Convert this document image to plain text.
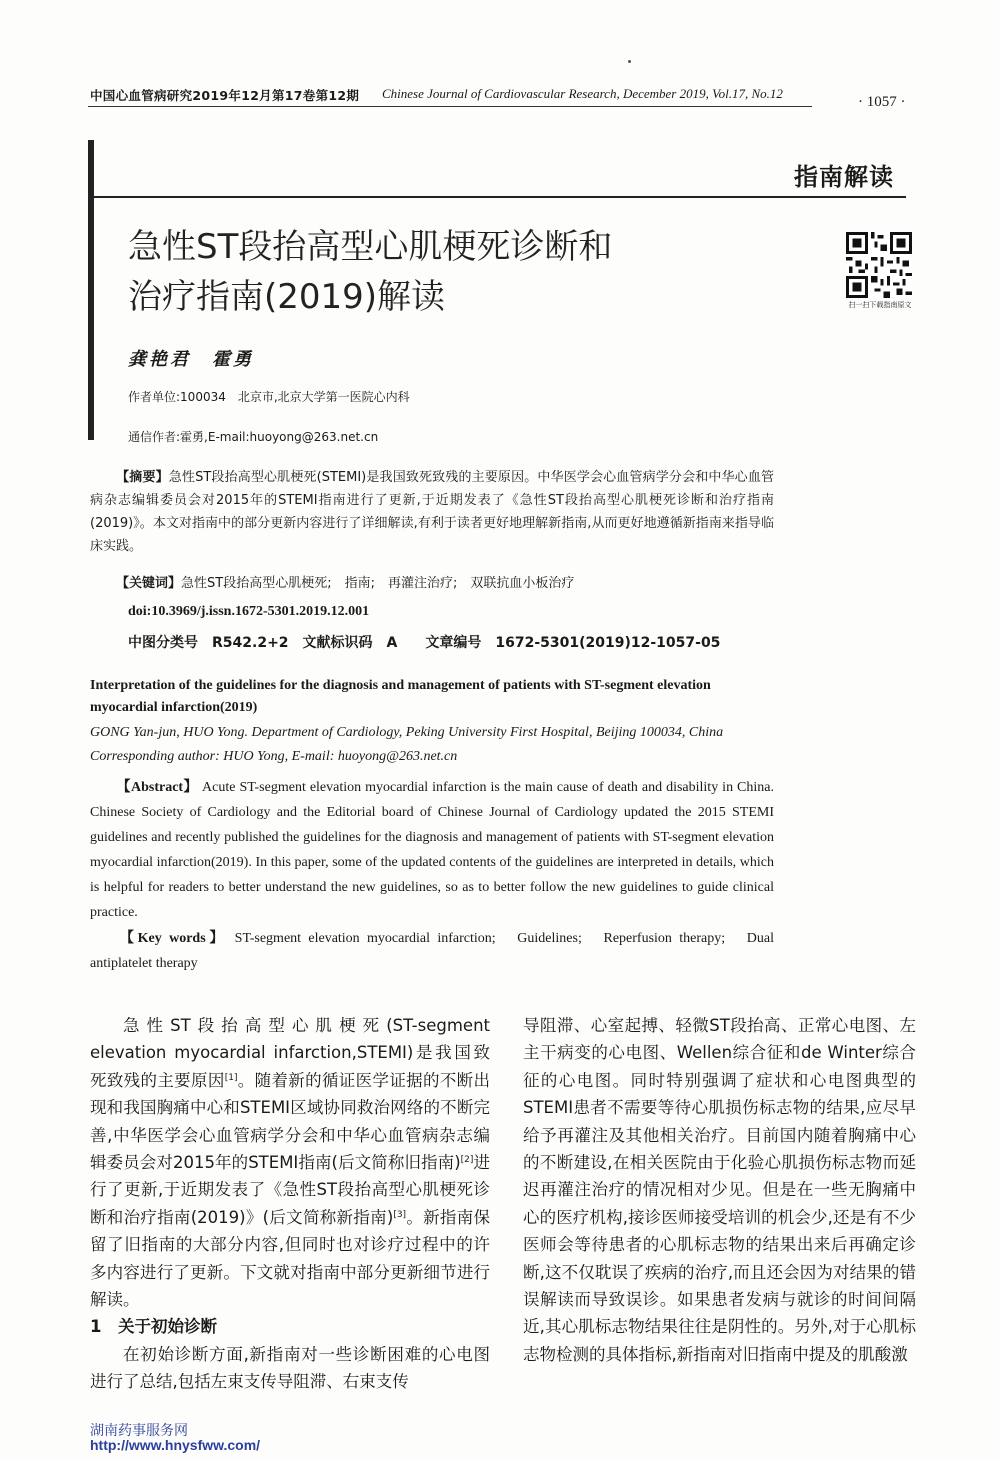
中国心血管病研究2019年12月第17卷第12期 Chinese Journal of Cardiovascular Research, December 2019, Vol.17, No.12
· 1057 ·
指南解读
急性ST段抬高型心肌梗死诊断和
治疗指南(2019)解读	扫一扫下载指南原文
龚艳君　霍勇
作者单位:100034　北京市,北京大学第一医院心内科
通信作者:霍勇,E-mail:huoyong@263.net.cn
【摘要】急性ST段抬高型心肌梗死(STEMI)是我国致死致残的主要原因。中华医学会心血管病学分会和中华心血管病杂志编辑委员会对2015年的STEMI指南进行了更新,于近期发表了《急性ST段抬高型心肌梗死诊断和治疗指南(2019)》。本文对指南中的部分更新内容进行了详细解读,有利于读者更好地理解新指南,从而更好地遵循新指南来指导临床实践。
【关键词】急性ST段抬高型心肌梗死;　指南;　再灌注治疗;　双联抗血小板治疗
doi:10.3969/j.issn.1672-5301.2019.12.001
中图分类号　R542.2+2　文献标识码　A　　文章编号　1672-5301(2019)12-1057-05
Interpretation of the guidelines for the diagnosis and management of patients with ST-segment elevation myocardial infarction(2019)
GONG Yan-jun, HUO Yong. Department of Cardiology, Peking University First Hospital, Beijing 100034, China
Corresponding author: HUO Yong, E-mail: huoyong@263.net.cn
【Abstract】 Acute ST-segment elevation myocardial infarction is the main cause of death and disability in China. Chinese Society of Cardiology and the Editorial board of Chinese Journal of Cardiology updated the 2015 STEMI guidelines and recently published the guidelines for the diagnosis and management of patients with ST-segment elevation myocardial infarction(2019). In this paper, some of the updated contents of the guidelines are interpreted in details, which is helpful for readers to better understand the new guidelines, so as to better follow the new guidelines to guide clinical practice.
【Key words】 ST-segment elevation myocardial infarction;　Guidelines;　Reperfusion therapy;　Dual antiplatelet therapy

急性ST段抬高型心肌梗死(ST-segment elevation myocardial infarction,STEMI)是我国致死致残的主要原因[1]。随着新的循证医学证据的不断出现和我国胸痛中心和STEMI区域协同救治网络的不断完善,中华医学会心血管病学分会和中华心血管病杂志编辑委员会对2015年的STEMI指南(后文简称旧指南)[2]进行了更新,于近期发表了《急性ST段抬高型心肌梗死诊断和治疗指南(2019)》(后文简称新指南)[3]。新指南保留了旧指南的大部分内容,但同时也对诊疗过程中的许多内容进行了更新。下文就对指南中部分更新细节进行解读。

1　关于初始诊断

在初始诊断方面,新指南对一些诊断困难的心电图进行了总结,包括左束支传导阻滞、右束支传

导阻滞、心室起搏、轻微ST段抬高、正常心电图、左主干病变的心电图、Wellen综合征和de Winter综合征的心电图。同时特别强调了症状和心电图典型的STEMI患者不需要等待心肌损伤标志物的结果,应尽早给予再灌注及其他相关治疗。目前国内随着胸痛中心的不断建设,在相关医院由于化验心肌损伤标志物而延迟再灌注治疗的情况相对少见。但是在一些无胸痛中心的医疗机构,接诊医师接受培训的机会少,还是有不少医师会等待患者的心肌标志物的结果出来后再确定诊断,这不仅耽误了疾病的治疗,而且还会因为对结果的错误解读而导致误诊。如果患者发病与就诊的时间间隔近,其心肌标志物结果往往是阴性的。另外,对于心肌标志物检测的具体指标,新指南对旧指南中提及的肌酸激

湖南药事服务网
http://www.hnysfww.com/
